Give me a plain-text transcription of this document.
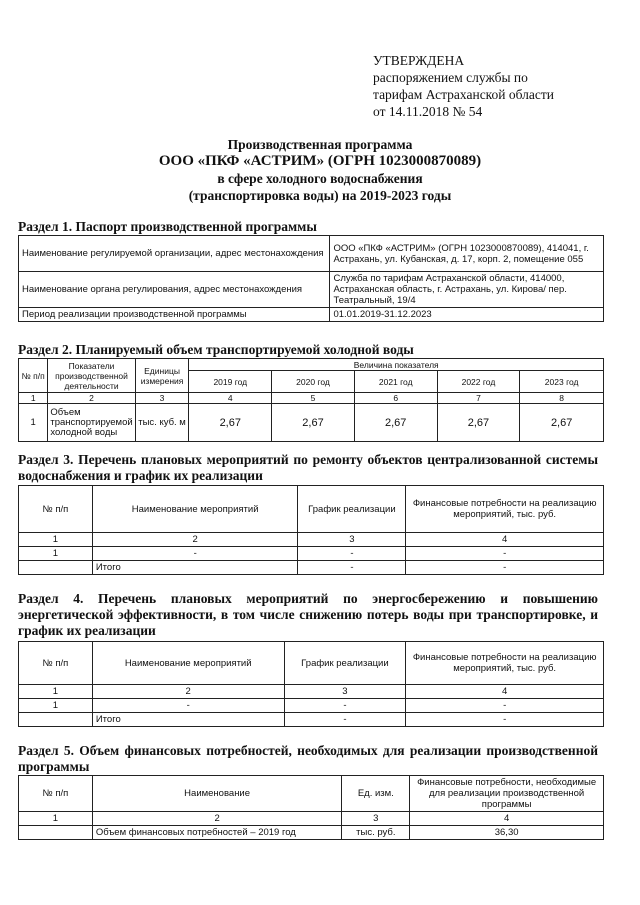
УТВЕРЖДЕНА
распоряжением службы по
тарифам Астраханской области
от 14.11.2018 № 54
Производственная программа
ООО «ПКФ «АСТРИМ» (ОГРН 1023000870089)
в сфере холодного водоснабжения
(транспортировка воды) на 2019-2023 годы
Раздел 1. Паспорт производственной программы
Наименование регулируемой организации, адрес местонахождения	ООО «ПКФ «АСТРИМ» (ОГРН 1023000870089), 414041, г. Астрахань, ул. Кубанская, д. 17, корп. 2, помещение 055
Наименование органа регулирования, адрес местонахождения	Служба по тарифам Астраханской области, 414000, Астраханская область, г. Астрахань, ул. Кирова/ пер. Театральный, 19/4
Период реализации производственной программы	01.01.2019-31.12.2023
Раздел 2. Планируемый объем транспортируемой холодной воды
№ п/п	Показатели производственной деятельности	Единицы измерения	Величина показателя				
			2019 год	2020 год	2021 год	2022 год	2023 год
1	2	3	4	5	6	7	8
1	Объем транспортируемой холодной воды	тыс. куб. м	2,67	2,67	2,67	2,67	2,67
Раздел 3. Перечень плановых мероприятий по ремонту объектов централизованной системы водоснабжения и график их реализации
№ п/п	Наименование мероприятий	График реализации	Финансовые потребности на реализацию мероприятий, тыс. руб.
1	2	3	4
1	-	-	-
	Итого	-	-
Раздел 4. Перечень плановых мероприятий по энергосбережению и повышению энергетической эффективности, в том числе снижению потерь воды при транспортировке, и график их реализации
№ п/п	Наименование мероприятий	График реализации	Финансовые потребности на реализацию мероприятий, тыс. руб.
1	2	3	4
1	-	-	-
	Итого	-	-
Раздел 5. Объем финансовых потребностей, необходимых для реализации производственной программы
№ п/п	Наименование	Ед. изм.	Финансовые потребности, необходимые для реализации производственной программы
1	2	3	4
	Объем финансовых потребностей – 2019 год	тыс. руб.	36,30
